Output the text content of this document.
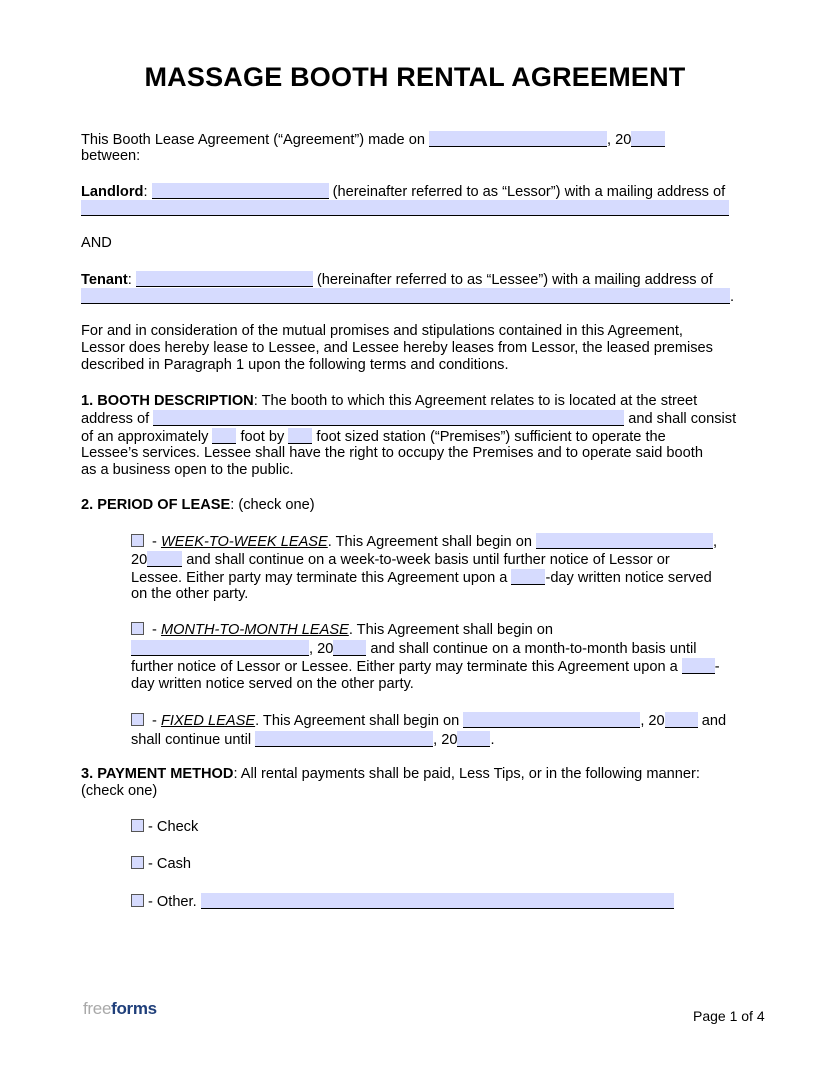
MASSAGE BOOTH RENTAL AGREEMENT
This Booth Lease Agreement (“Agreement”) made on	, 20
between:
Landlord:	(hereinafter referred to as “Lessor”) with a mailing address of
AND
Tenant:	(hereinafter referred to as “Lessee”) with a mailing address of
.
For and in consideration of the mutual promises and stipulations contained in this Agreement,
Lessor does hereby lease to Lessee, and Lessee hereby leases from Lessor, the leased premises
described in Paragraph 1 upon the following terms and conditions.
1. BOOTH DESCRIPTION: The booth to which this Agreement relates to is located at the street
address of	and shall consist
of an approximately  foot by  foot sized station (“Premises”) sufficient to operate the
Lessee’s services. Lessee shall have the right to occupy the Premises and to operate said booth
as a business open to the public.
2. PERIOD OF LEASE: (check one)
- WEEK-TO-WEEK LEASE. This Agreement shall begin on	,
20 and shall continue on a week-to-week basis until further notice of Lessor or
Lessee. Either party may terminate this Agreement upon a -day written notice served
on the other party.
- MONTH-TO-MONTH LEASE. This Agreement shall begin on
, 20 and shall continue on a month-to-month basis until
further notice of Lessor or Lessee. Either party may terminate this Agreement upon a -
day written notice served on the other party.
- FIXED LEASE. This Agreement shall begin on	, 20 and
shall continue until	, 20 .
3. PAYMENT METHOD: All rental payments shall be paid, Less Tips, or in the following manner:
(check one)
- Check
- Cash
- Other.
freeforms	Page 1 of 4
